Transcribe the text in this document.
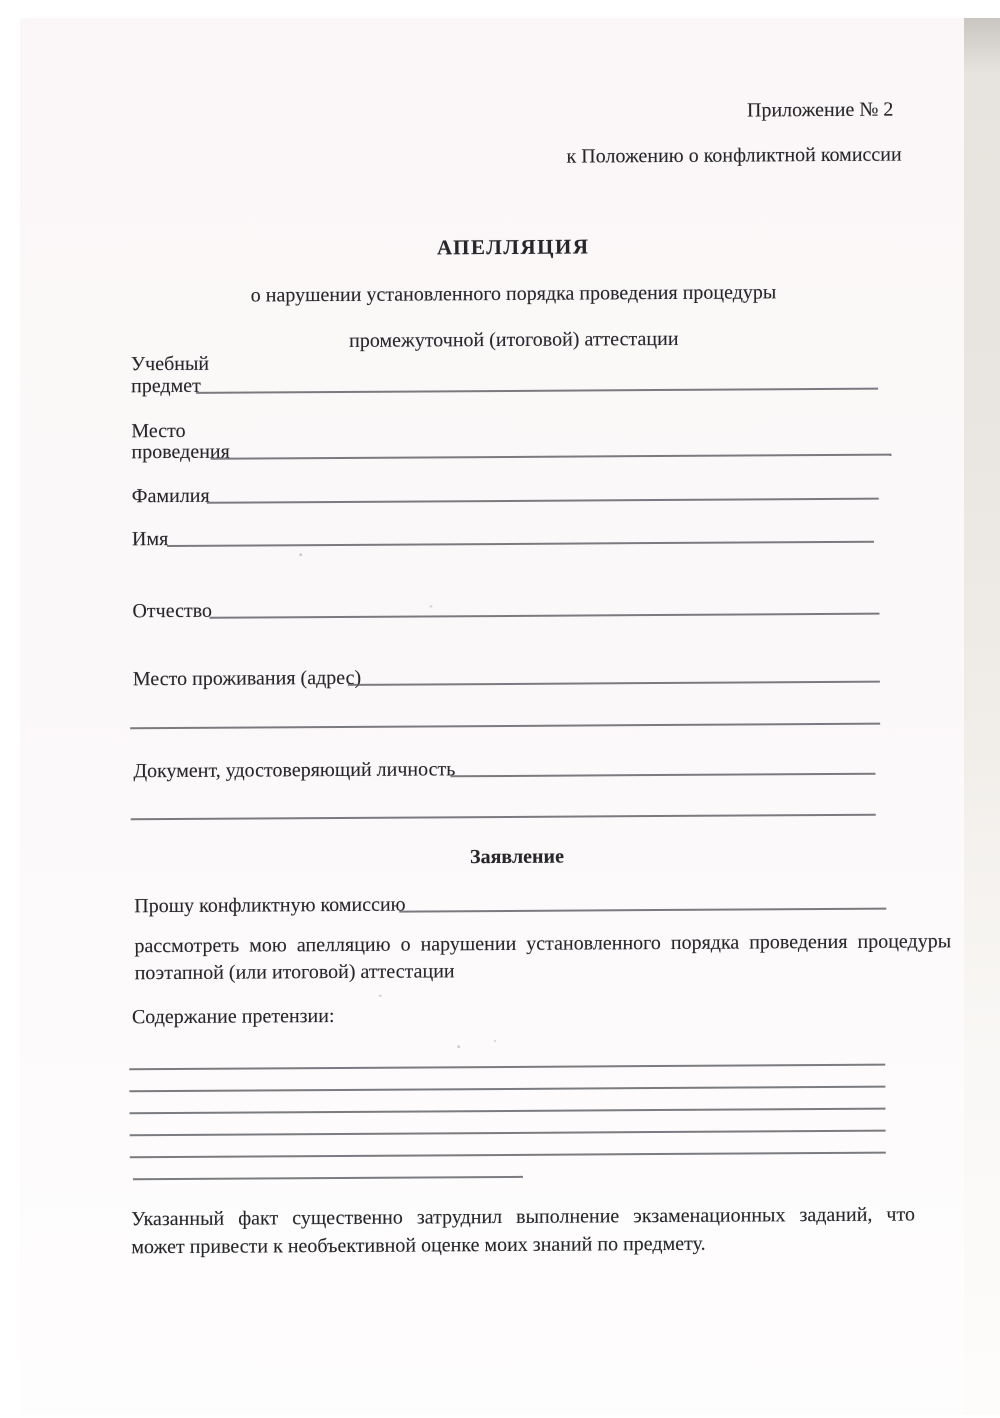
Приложение № 2
к Положению о конфликтной комиссии
АПЕЛЛЯЦИЯ
о нарушении установленного порядка проведения процедуры
промежуточной (итоговой) аттестации
Учебный
предмет
Место
проведения
Фамилия
Имя
Отчество
Место проживания (адрес)
Документ, удостоверяющий личность
Заявление
Прошу конфликтную комиссию
рассмотреть мою апелляцию о нарушении установленного порядка проведения процедуры
поэтапной (или итоговой) аттестации
Содержание претензии:
Указанный факт существенно затруднил выполнение экзаменационных заданий, что
может привести к необъективной оценке моих знаний по предмету.
